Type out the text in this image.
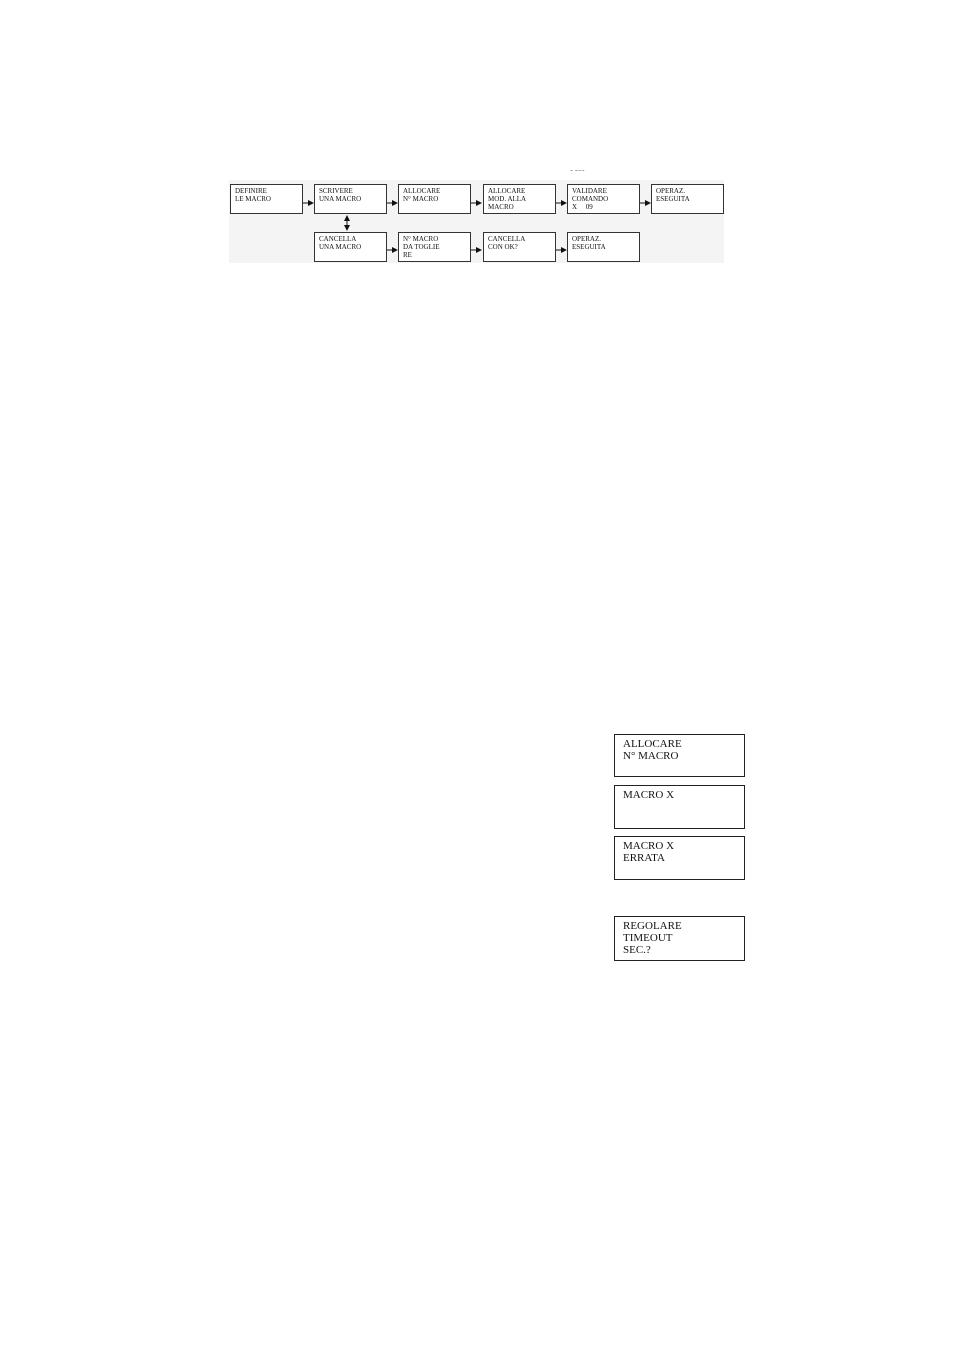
~ ~~~
DEFINIRE
LE MACRO
SCRIVERE
UNA MACRO
ALLOCARE
N° MACRO
ALLOCARE
MOD. ALLA
MACRO
VALIDARE
COMANDO
X     09
OPERAZ.
ESEGUITA
CANCELLA
UNA MACRO
N° MACRO
DA TOGLIE
RE
CANCELLA
CON OK?
OPERAZ.
ESEGUITA
ALLOCARE
N° MACRO
MACRO X
MACRO X
ERRATA
REGOLARE
TIMEOUT
SEC.?
